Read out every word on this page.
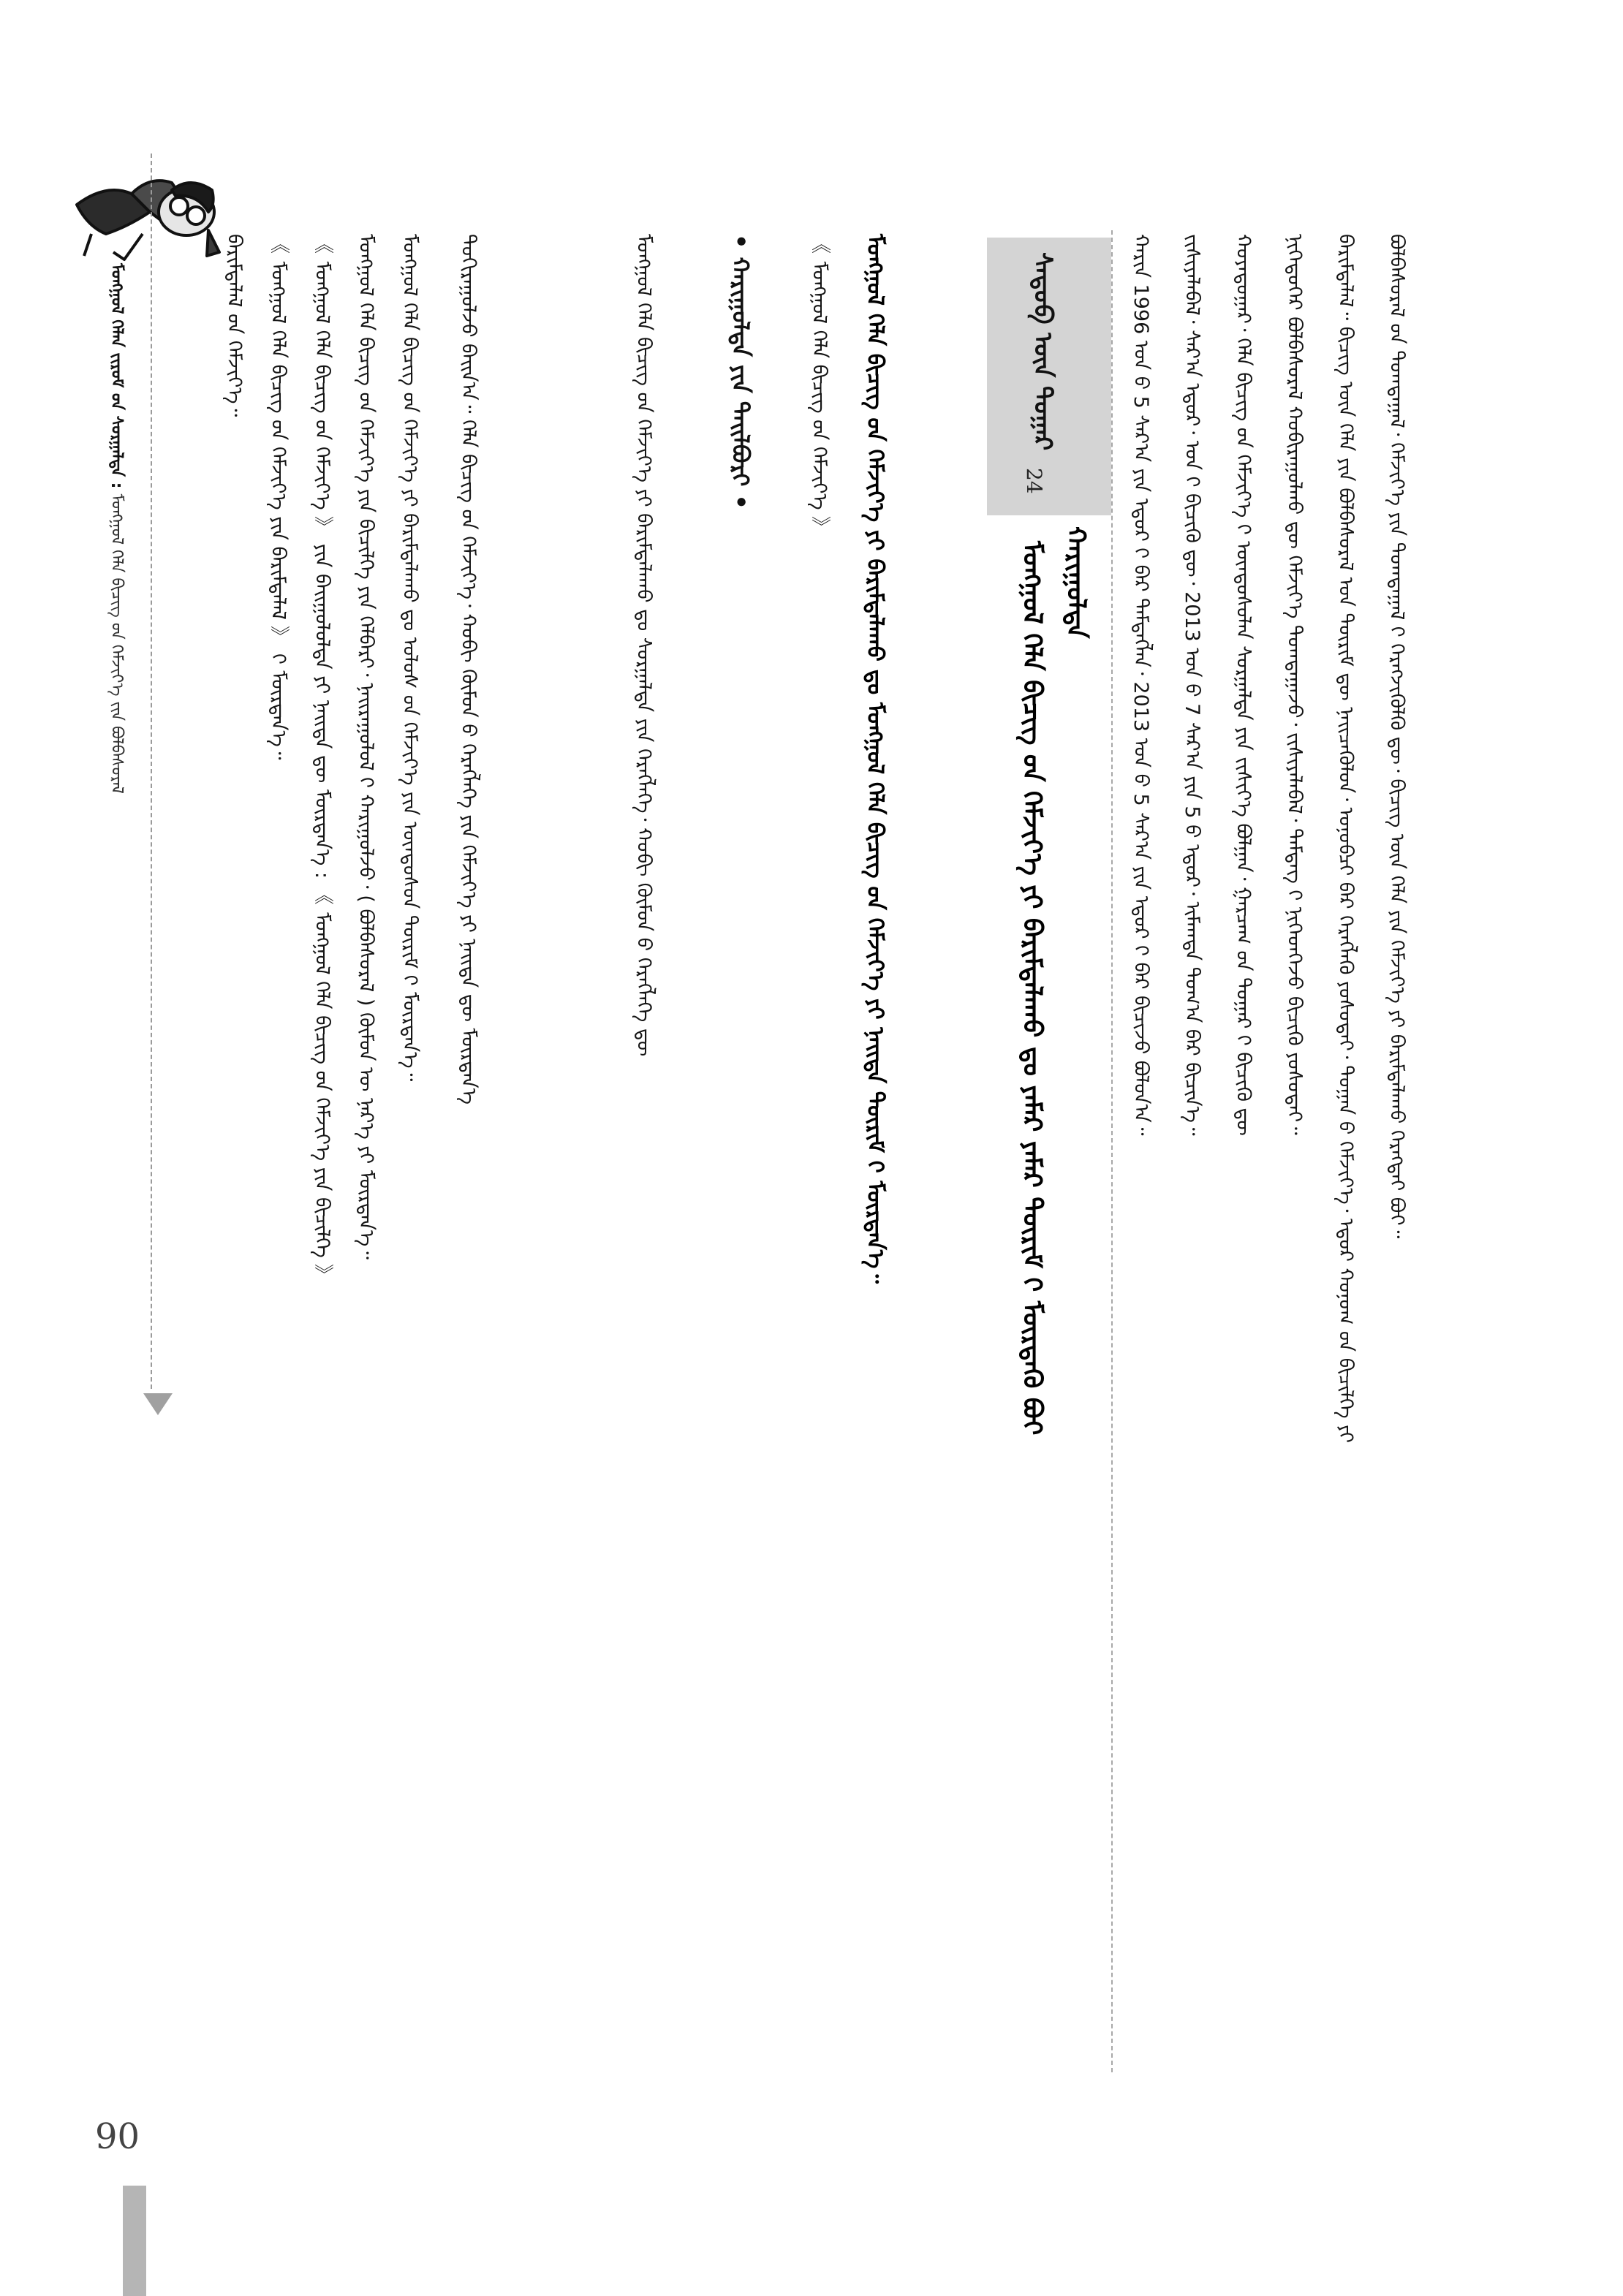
ᠮᠣᠩᠭᠣᠯ ᠬᠡᠯᠡᠨ ᠵᠢᠷᠤᠮ ᠤ᠋ᠨ ᠰᠤᠷᠭᠠᠯᠲᠠ : ᠮᠣᠩᠭᠣᠯ ᠬᠡᠯᠡ ᠪᠢᠴᠢᠭ ᠤ᠋ᠨ ᠬᠡᠮᠵᠢᠶ᠎ᠡ ᠵᠢᠨ ᠪᠣᠯᠪᠠᠰᠤᠷᠠᠯ
90
ᠪᠠᠷᠢᠮᠲᠠᠯᠠᠯ ᠤ᠋ᠨ ᠬᠡᠮᠵᠢᠶ᠎ᠡ᠃ 《 ᠮᠣᠩᠭᠣᠯ ᠬᠡᠯᠡ ᠪᠢᠴᠢᠭ ᠤ᠋ᠨ ᠬᠡᠮᠵᠢᠶ᠎ᠡ ᠶᠢᠨ ᠪᠠᠷᠢᠮᠲᠠᠯᠠᠯ 》 ᠢ᠋ ᠮᠥᠷᠳᠡᠨ᠎ᠡ᠃ 《 ᠮᠣᠩᠭᠣᠯ ᠬᠡᠯᠡ ᠪᠢᠴᠢᠭ ᠤ᠋ᠨ ᠬᠡᠮᠵᠢᠶ᠎ᠡ 》 ᠶᠢᠨ ᠪᠠᠢᠭᠤᠯᠤᠯᠲᠠ ᠶᠢ ᠨᠡᠢᠲᠡ ᠳᠦ ᠮᠥᠷᠳᠡᠨ᠎ᠡ : 《 ᠮᠣᠩᠭᠣᠯ ᠬᠡᠯᠡ ᠪᠢᠴᠢᠭ ᠤ᠋ᠨ ᠬᠡᠮᠵᠢᠶ᠎ᠡ ᠶᠢᠨ ᠪᠢᠴᠢᠯᠭᠡ 》 ᠮᠣᠩᠭᠣᠯ ᠬᠡᠯᠡ ᠪᠢᠴᠢᠭ ᠤ᠋ᠨ ᠬᠡᠮᠵᠢᠶ᠎ᠡ ᠶᠢᠨ ᠪᠢᠴᠢᠯᠭᠡ ᠶᠢᠨ ᠬᠡᠯᠪᠡᠷᠢ᠂ ᠨᠠᠢᠷᠠᠭᠤᠯᠤᠯ ᠢ᠋ ᠬᠠᠷᠢᠭᠤᠯᠵᠤ᠂ ( ᠪᠣᠯᠪᠠᠰᠤᠷᠠᠯ ) ᠬᠦᠮᠦᠨ ᠦ ᠨᠡᠷ᠎ᠡ ᠶᠢ ᠮᠥᠷᠳᠡᠨ᠎ᠡ᠃ ᠮᠣᠩᠭᠣᠯ ᠬᠡᠯᠡ ᠪᠢᠴᠢᠭ ᠤ᠋ᠨ ᠬᠡᠮᠵᠢᠶ᠎ᠡ ᠶᠢ ᠪᠠᠷᠢᠮᠲᠠᠯᠠᠬᠤ ᠳᠤ ᠤᠯᠤᠰ ᠤ᠋ᠨ ᠬᠡᠮᠵᠢᠶ᠎ᠡ ᠶᠢᠨ ᠦᠨᠳᠦᠰᠦᠨ ᠳᠦᠷᠢᠮ ᠢ᠋ ᠮᠥᠷᠳᠡᠨ᠎ᠡ᠃ ᠲᠣᠬᠢᠷᠠᠭᠤᠯᠵᠤ ᠪᠠᠢᠨ᠎ᠠ᠃ ᠬᠡᠯᠡ ᠪᠢᠴᠢᠭ ᠤ᠋ᠨ ᠬᠡᠮᠵᠢᠶ᠎ᠡ᠂ ᠬᠤᠪᠢ ᠬᠦᠮᠦᠨ ᠤ᠋ ᠬᠡᠷᠡᠭᠯᠡᠭᠡ ᠶᠢᠨ ᠬᠡᠮᠵᠢᠶ᠎ᠡ ᠶᠢ ᠨᠡᠢᠲᠡ ᠳᠦ ᠮᠥᠷᠳᠡᠨ᠎ᠡ	ᠮᠣᠩᠭᠣᠯ ᠬᠡᠯᠡ ᠪᠢᠴᠢᠭ ᠤ᠋ᠨ ᠬᠡᠮᠵᠢᠶ᠎ᠡ ᠶᠢ ᠪᠠᠷᠢᠮᠲᠠᠯᠠᠬᠤ ᠳᠤ ᠰᠤᠷᠭᠠᠯᠲᠠ ᠶᠢᠨ ᠬᠡᠷᠡᠭᠯᠡᠭᠡ᠂ ᠬᠤᠪᠢ ᠬᠦᠮᠦᠨ ᠤ᠋ ᠬᠡᠷᠡᠭᠯᠡᠭᠡ ᠳᠦ	• ᠬᠠᠷᠢᠭᠤᠯᠲᠠ ᠶᠢᠨ ᠲᠠᠢᠯᠪᠤᠷᠢ •	《 ᠮᠣᠩᠭᠣᠯ ᠬᠡᠯᠡ ᠪᠢᠴᠢᠭ ᠤ᠋ᠨ ᠬᠡᠮᠵᠢᠶ᠎ᠡ 》 ᠮᠣᠩᠭᠣᠯ ᠬᠡᠯᠡ ᠪᠢᠴᠢᠭ ᠤ᠋ᠨ ᠬᠡᠮᠵᠢᠶ᠎ᠡ ᠶᠢ ᠪᠠᠷᠢᠮᠲᠠᠯᠠᠬᠤ ᠳᠤ ᠮᠣᠩᠭᠣᠯ ᠬᠡᠯᠡ ᠪᠢᠴᠢᠭ ᠤ᠋ᠨ ᠬᠡᠮᠵᠢᠶ᠎ᠡ ᠶᠢ ᠨᠡᠢᠲᠡ ᠳᠦᠷᠢᠮ ᠢ᠋ ᠮᠥᠷᠳᠡᠨ᠎ᠡ᠃	ᠰᠡᠳᠦᠪ ᠦᠨ ᠳᠤᠭᠠᠷ
24
ᠬᠠᠷᠢᠭᠤᠯᠲᠠ
ᠮᠣᠩᠭᠣᠯ ᠬᠡᠯᠡ ᠪᠢᠴᠢᠭ ᠤ᠋ᠨ ᠬᠡᠮᠵᠢᠶ᠎ᠡ ᠶᠢ ᠪᠠᠷᠢᠮᠲᠠᠯᠠᠬᠤ ᠳᠤ ᠶᠠᠮᠠᠷ ᠶᠠᠮᠠᠷ ᠳᠦᠷᠢᠮ ᠢ᠋ ᠮᠥᠷᠳᠡᠬᠦ ᠪᠤᠢ	ᠬᠠᠷᠢᠨ 1996 ᠣᠨ ᠤ᠋ 5 ᠰᠠᠷ᠎ᠠ ᠶᠢᠨ ᠡᠳᠦᠷ ᠢ᠋ ᠪᠠᠷ ᠲᠡᠮᠳᠡᠭᠯᠡᠨ᠂ 2013 ᠣᠨ ᠤ᠋ 5 ᠰᠠᠷ᠎ᠠ ᠶᠢᠨ ᠡᠳᠦᠷ ᠢ᠋ ᠪᠠᠷ ᠪᠢᠴᠢᠵᠦ ᠪᠣᠯᠣᠨ᠎ᠠ᠃ ᠵᠢᠱᠢᠶᠡᠯᠡᠪᠡᠯ᠂ ᠰᠠᠷ᠎ᠠ ᠡᠳᠦᠷ᠂ ᠣᠨ ᠢ᠋ ᠪᠢᠴᠢᠬᠦ ᠳᠦ᠂ 2013 ᠣᠨ ᠤ᠋ 7 ᠰᠠᠷ᠎ᠠ ᠶᠢᠨ 5 ᠤ᠋ ᠡᠳᠦᠷ᠂ ᠢᠮᠠᠭᠲᠠ ᠲᠣᠭ᠎ᠠ ᠪᠠᠷ ᠪᠢᠴᠢᠨ᠎ᠡ᠃ ᠬᠣᠶᠠᠳᠤᠭᠠᠷ᠂ ᠬᠡᠯᠡ ᠪᠢᠴᠢᠭ ᠤ᠋ᠨ ᠬᠡᠮᠵᠢᠶ᠎ᠡ ᠢ᠋ ᠦᠨᠳᠦᠰᠦᠯᠡᠨ ᠰᠤᠷᠭᠠᠯᠲᠠ ᠶᠢᠨ ᠵᠢᠱᠢᠶ᠎ᠡ ᠪᠣᠯᠭᠠᠨ᠂ ᠭᠠᠷᠴᠠᠭ ᠤ᠋ᠨ ᠳᠤᠭᠠᠷ ᠢ᠋ ᠪᠢᠴᠢᠬᠦ ᠳᠦ ᠨᠢᠭᠡᠳᠦᠭᠡᠷ ᠪᠣᠯᠪᠠᠰᠤᠷᠠᠯ ᠬᠤᠪᠢᠷᠠᠭᠤᠯᠬᠤ ᠳᠦ ᠬᠡᠮᠵᠢᠶ᠎ᠡ ᠲᠣᠭᠲᠠᠭᠠᠵᠤ᠂ ᠵᠢᠱᠢᠶᠡᠯᠡᠪᠡᠯ᠂ ᠲᠡᠮᠳᠡᠭ ᠢ᠋ ᠨᠢᠭᠡᠳᠭᠡᠵᠦ ᠪᠢᠴᠢᠬᠦ ᠶᠣᠰᠣᠲᠠᠢ᠃ ᠪᠠᠷᠢᠮᠲᠠᠯᠠᠯ᠃ ᠪᠢᠴᠢᠭ ᠦᠨ ᠬᠡᠯᠡ ᠶᠢᠨ ᠪᠣᠯᠪᠠᠰᠤᠷᠠᠯ ᠤᠨ ᠳᠦᠷᠢᠮ ᠳᠦ ᠨᠡᠢᠴᠡᠭᠦᠯᠦᠨ᠂ ᠤᠨᠤᠪᠴᠢ ᠪᠠᠷ ᠬᠡᠷᠡᠭᠯᠡᠬᠦ ᠶᠣᠰᠣᠲᠠᠢ᠂ ᠲᠣᠭᠠᠨ ᠤ᠋ ᠬᠡᠮᠵᠢᠶ᠎ᠡ᠂ ᠡᠳᠦᠷ ᠬᠣᠨᠣᠭ ᠤ᠋ᠨ ᠪᠢᠴᠢᠯᠭᠡ ᠶᠢ ᠪᠣᠯᠪᠠᠰᠤᠷᠠᠯ ᠤ᠋ᠨ ᠲᠣᠭᠲᠠᠭᠠᠯ᠂ ᠬᠡᠮᠵᠢᠶ᠎ᠡ ᠶᠢᠨ ᠲᠣᠭᠲᠠᠭᠠᠯ ᠢ᠋ ᠬᠡᠷᠡᠭᠵᠢᠭᠦᠯᠬᠦ ᠳᠦ᠂ ᠪᠢᠴᠢᠭ ᠦᠨ ᠬᠡᠯᠡ ᠶᠢᠨ ᠬᠡᠮᠵᠢᠶ᠎ᠡ ᠶᠢ ᠪᠠᠷᠢᠮᠲᠠᠯᠠᠬᠤ ᠬᠡᠷᠡᠭᠲᠡᠢ ᠪᠤᠢ᠃
